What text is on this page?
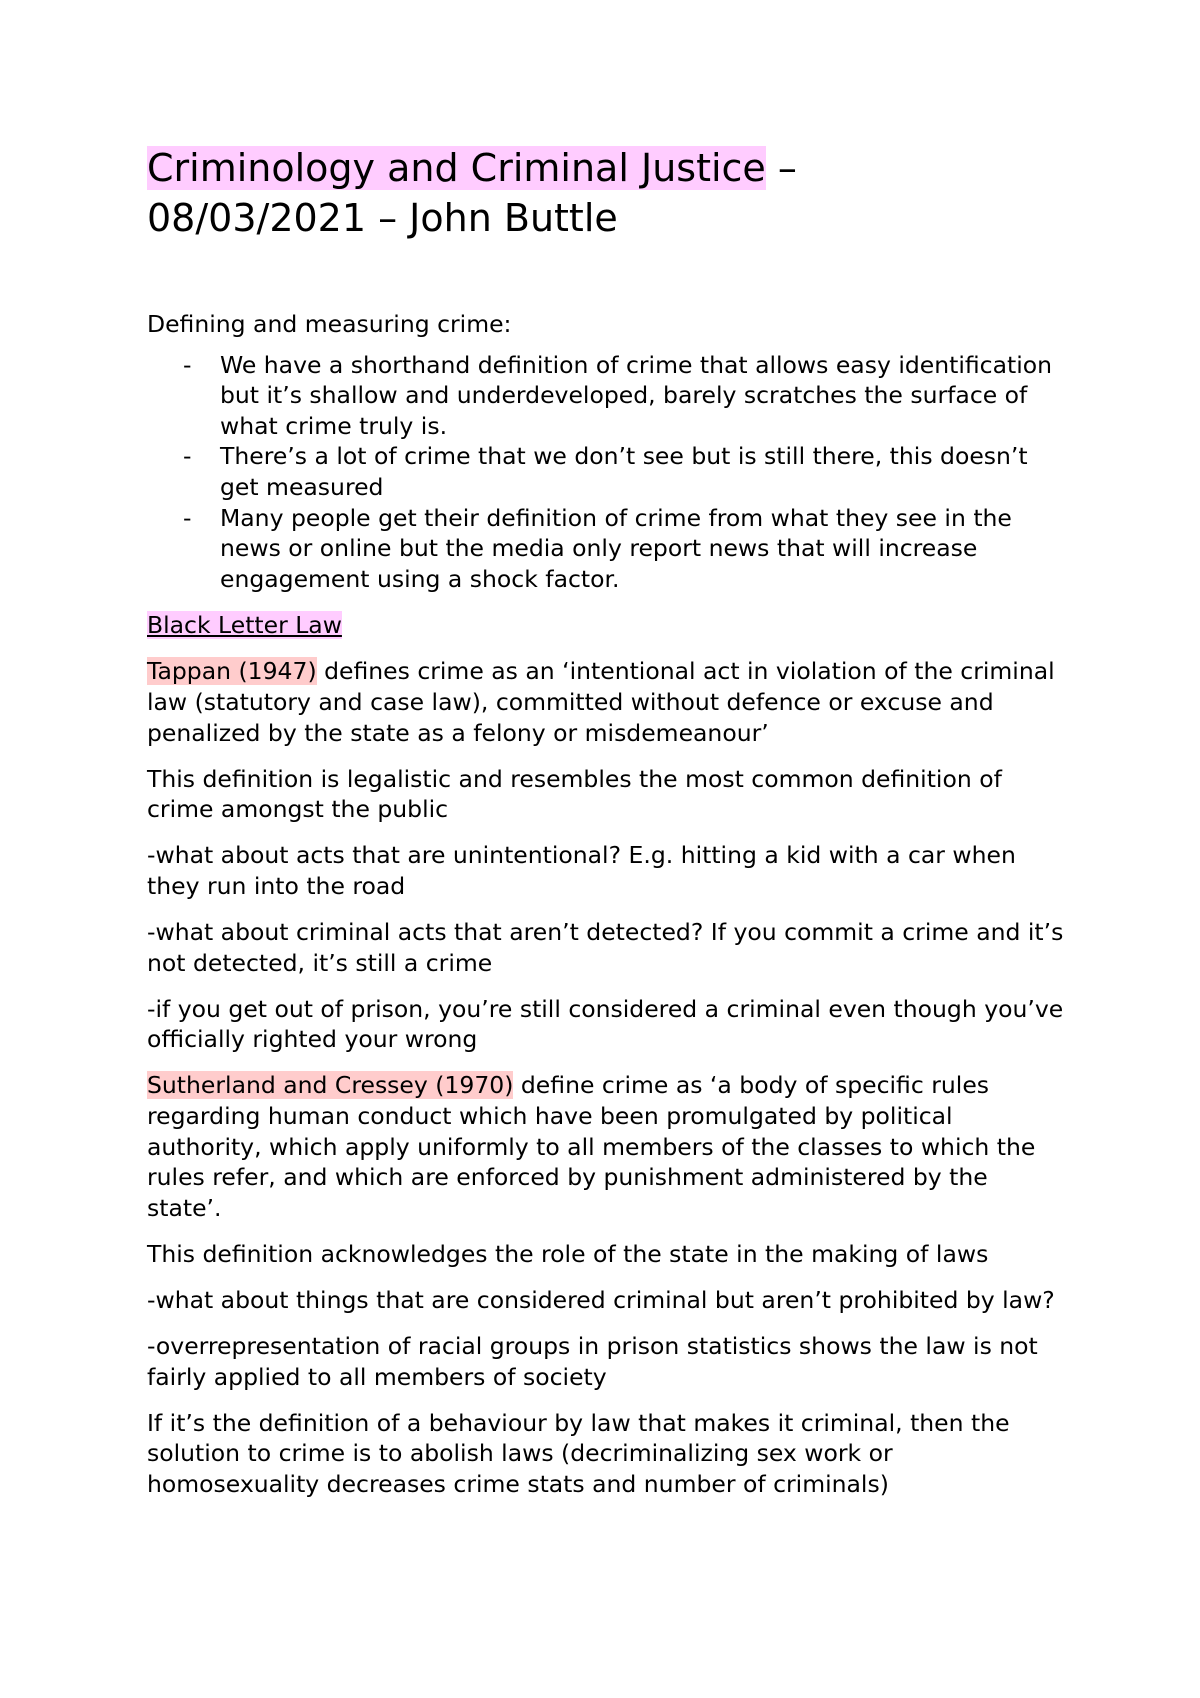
Criminology and Criminal Justice –
08/03/2021 – John Buttle

Defining and measuring crime:

- We have a shorthand definition of crime that allows easy identification but it’s shallow and underdeveloped, barely scratches the surface of what crime truly is.
- There’s a lot of crime that we don’t see but is still there, this doesn’t get measured
- Many people get their definition of crime from what they see in the news or online but the media only report news that will increase engagement using a shock factor.

Black Letter Law

Tappan (1947) defines crime as an ‘intentional act in violation of the criminal law (statutory and case law), committed without defence or excuse and penalized by the state as a felony or misdemeanour’

This definition is legalistic and resembles the most common definition of crime amongst the public

-what about acts that are unintentional? E.g. hitting a kid with a car when they run into the road

-what about criminal acts that aren’t detected? If you commit a crime and it’s not detected, it’s still a crime

-if you get out of prison, you’re still considered a criminal even though you’ve officially righted your wrong

Sutherland and Cressey (1970) define crime as ‘a body of specific rules regarding human conduct which have been promulgated by political authority, which apply uniformly to all members of the classes to which the rules refer, and which are enforced by punishment administered by the state’.

This definition acknowledges the role of the state in the making of laws

-what about things that are considered criminal but aren’t prohibited by law?

-overrepresentation of racial groups in prison statistics shows the law is not fairly applied to all members of society

If it’s the definition of a behaviour by law that makes it criminal, then the solution to crime is to abolish laws (decriminalizing sex work or homosexuality decreases crime stats and number of criminals)
